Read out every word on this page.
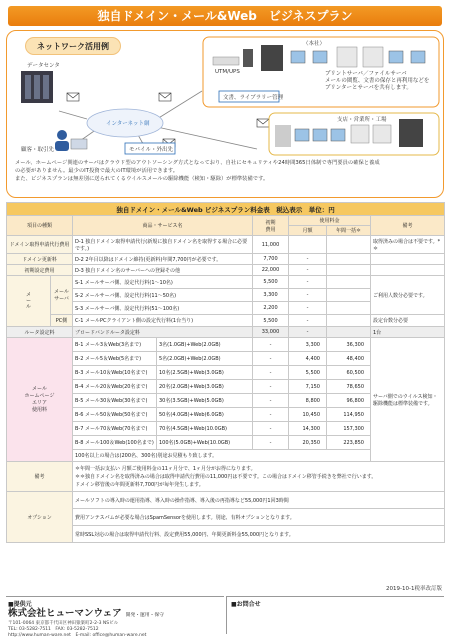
独自ドメイン・メール&Web　ビジネスプラン
ネットワーク活用例
データセンタ
インターネット網
顧客・取引先	モバイル・外出先
UTM/UPS
（本社）
文書、ライブラリー管理
プリントサーバ／ファイルサーバ
メールの閲覧、文書の保存と再利用などを
プリンターとサーバを共有します。
支店・営業所・工場
メール、ホームページ関連のサーバはクラウド型のアウトソーシング方式となっており、自社にセキュリティや24時間365日体制で専門要員の確保と養成
の必要がありません。最少のIT投資で最大のIT環境が活用できます。
また、ビジネスプランは無差別に送られてくるウイルスメールの駆除機能（検知・駆除）が標準装備です。
独自ドメイン・メール&Web ビジネスプラン料金表　税込表示　単位：円							
項目の種類		商品・サービス名		初期
費用	使用料金		備考
					月額	年間一括＊	
ドメイン取得申請代行費用		D-1 独自ドメイン取得申請代行(新規に独自ドメイン名を取得する場合に必要です。)		11,000			取得済みの場合は不要です。*＊
ドメイン更新料		D-2 2年目以降はドメイン維持(更新料)年間7,700円が必要です。		7,700	-		
初期設定費用		D-3 独自ドメイン名のサーバーへの登録その他		22,000	-		
メ
ー
ル	メール
サーバ	S-1 メールサーバ側、設定代行料(1〜10名)		5,500	-		ご利用人数分必要です。
		S-2 メールサーバ側、設定代行料(11〜50名)		3,300	-		
		S-3 メールサーバ側、設定代行料(51〜100名)		2,200	-		
	PC側	C-1 メールPCクライアント側の設定代行料(1台当り)		5,500	-		設定台数分必要
ルータ設定料		ブロードバンドルータ設定料		33,000	-		1台
メール
ホームページ
エリア
使用料		B-1 メール3＆Web(3名まで)	3名(1.0GB)+Web(2.0GB)	-	3,300	36,300	サーバ側でのウイルス検知・駆除機能は標準装備です。
		B-2 メール5＆Web(5名まで)	5名(2.0GB)+Web(2.0GB)	-	4,400	48,400	
		B-3 メール10＆Web(10名まで)	10名(2.5GB)+Web(3.0GB)	-	5,500	60,500	
		B-4 メール20＆Web(20名まで)	20名(2.0GB)+Web(3.0GB)	-	7,150	78,650	
		B-5 メール30＆Web(30名まで)	30名(3.5GB)+Web(5.0GB)	-	8,800	96,800	
		B-6 メール50＆Web(50名まで)	50名(4.0GB)+Web(6.0GB)	-	10,450	114,950	
		B-7 メール70＆Web(70名まで)	70名(4.5GB)+Web(10.0GB)	-	14,300	157,300	
		B-8 メール100＆Web(100名まで)	100名(5.0GB)+Web(10.0GB)	-	20,350	223,850	
		100名以上の場合は(200名、300名)別途お見積もり致します。					
備考		＊年間一括お支払い 月額ご使用料金の11ヶ月分で、1ヶ月分がお得になります。
＊＊独自ドメイン名を取得済みの場合は取得申請代行費用の11,000円は不要です。この場合はドメイン移管手続きを弊社で行います。
ドメイン移管後の年間更新料7,700円が毎年発生します。					

オプション		メールソフトの導入時の運用指導、導入時の操作指導、導入後の再指導など55,000円1回3時間					
		費用アンテスパムが必要な場合はSpamSensorを使用します。別途、有料オプションとなります。					
		常時SSL対応の場合は取得申請代行料、設定費用55,000円、年間更新料金55,000円となります。					
2019-10-1税率改訂版
■提供元
株式会社ヒューマンウェア 開発・運用・保守
〒101-0064 東京都千代田区神田猿楽町2-2-3 NSビル
TEL: 03-5282-7511　FAX: 03-5282-7512
http://www.human-ware.net　E-mail: office@human-ware.net
■お問合せ
